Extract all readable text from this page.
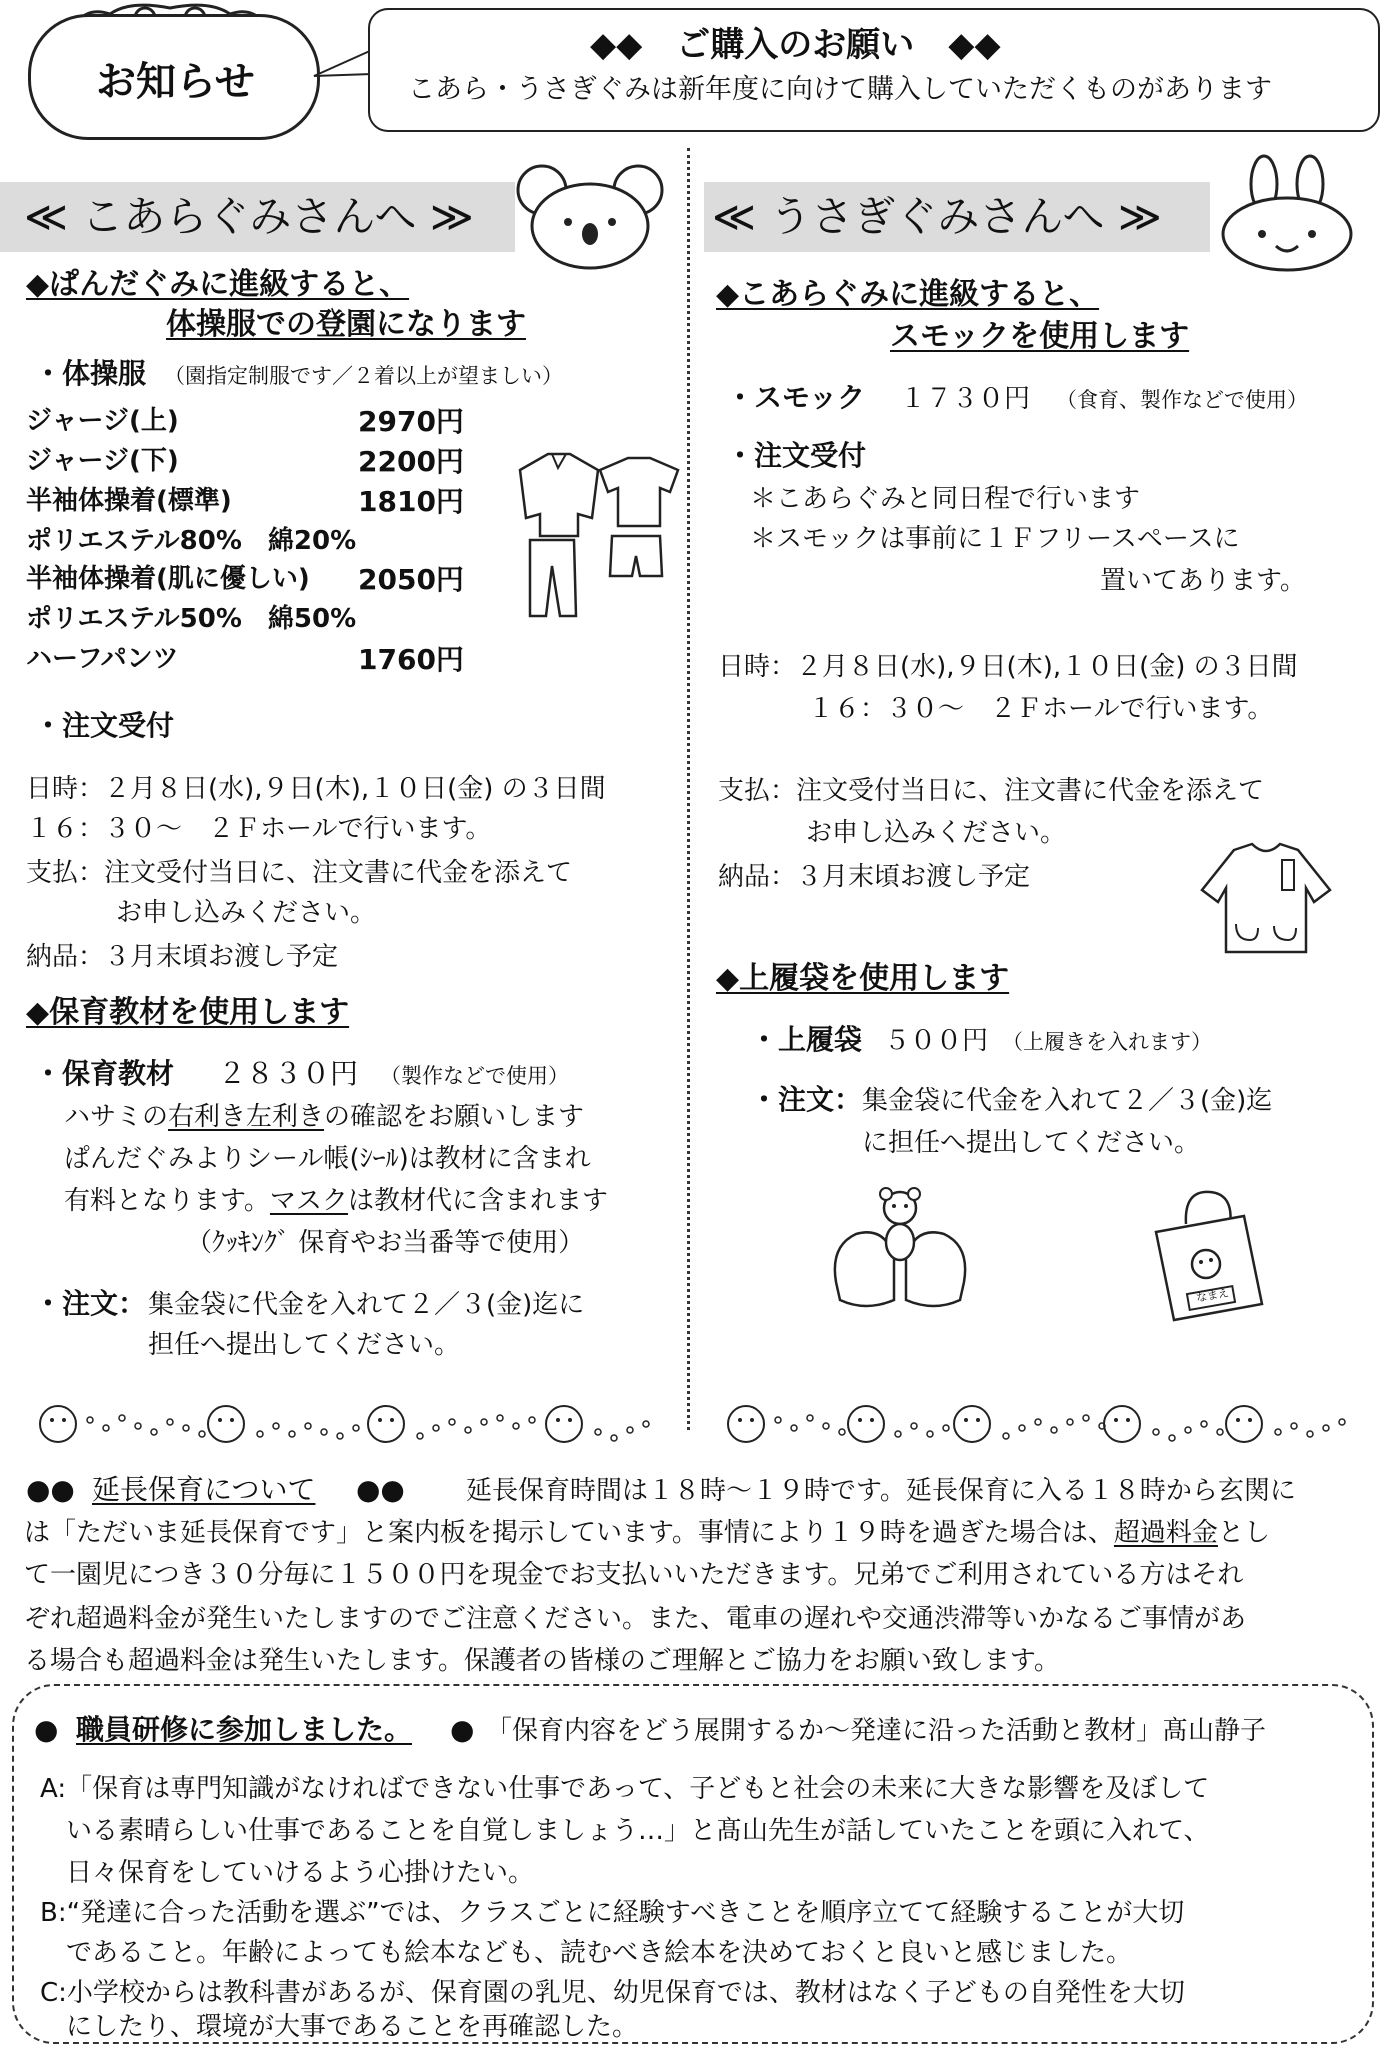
お知らせ
◆◆　ご購入のお願い　◆◆
こあら・うさぎぐみは新年度に向けて購入していただくものがあります
≪ こあらぐみさんへ ≫
◆ぱんだぐみに進級すると、
体操服での登園になります
・体操服 （園指定制服です／２着以上が望ましい）
ジャージ(上)	2970円
ジャージ(下)	2200円
半袖体操着(標準)	1810円
ポリエステル80%　綿20%
半袖体操着(肌に優しい) 2050円
ポリエステル50%　綿50%
ハーフパンツ	1760円
・注文受付
日時：２月８日(水),９日(木),１０日(金) の３日間
１６：３０～　２Ｆホールで行います。
支払：注文受付当日に、注文書に代金を添えて
お申し込みください。
納品：３月末頃お渡し予定
◆保育教材を使用します
・保育教材 ２８３０円 （製作などで使用）
ハサミの右利き左利きの確認をお願いします
ぱんだぐみよりシール帳(ｼｰﾙ)は教材に含まれ
有料となります。マスクは教材代に含まれます
（ｸｯｷﾝｸﾞ 保育やお当番等で使用）
・注文： 集金袋に代金を入れて２／３(金)迄に
担任へ提出してください。
≪ うさぎぐみさんへ ≫
◆こあらぐみに進級すると、
スモックを使用します
・スモック １７３０円 （食育、製作などで使用）
・注文受付
＊こあらぐみと同日程で行います
＊スモックは事前に１Ｆフリースペースに
置いてあります。
日時：２月８日(水),９日(木),１０日(金) の３日間
１６：３０～　２Ｆホールで行います。
支払：注文受付当日に、注文書に代金を添えて
お申し込みください。
納品：３月末頃お渡し予定
◆上履袋を使用します
・上履袋 ５００円 （上履きを入れます）
・注文： 集金袋に代金を入れて２／３(金)迄
に担任へ提出してください。
なまえ
●● 延長保育について ●● 延長保育時間は１８時～１９時です。延長保育に入る１８時から玄関に
は「ただいま延長保育です」と案内板を掲示しています。事情により１９時を過ぎた場合は、超過料金とし
て一園児につき３０分毎に１５００円を現金でお支払いいただきます。兄弟でご利用されている方はそれ
ぞれ超過料金が発生いたしますのでご注意ください。また、電車の遅れや交通渋滞等いかなるご事情があ
る場合も超過料金は発生いたします。保護者の皆様のご理解とご協力をお願い致します。
● 職員研修に参加しました。 ● 「保育内容をどう展開するか～発達に沿った活動と教材」髙山静子
A:「保育は専門知識がなければできない仕事であって、子どもと社会の未来に大きな影響を及ぼして
　いる素晴らしい仕事であることを自覚しましょう…」と髙山先生が話していたことを頭に入れて、
　日々保育をしていけるよう心掛けたい。
B:“発達に合った活動を選ぶ”では、クラスごとに経験すべきことを順序立てて経験することが大切
　であること。年齢によっても絵本なども、読むべき絵本を決めておくと良いと感じました。
C:小学校からは教科書があるが、保育園の乳児、幼児保育では、教材はなく子どもの自発性を大切
　にしたり、環境が大事であることを再確認した。
